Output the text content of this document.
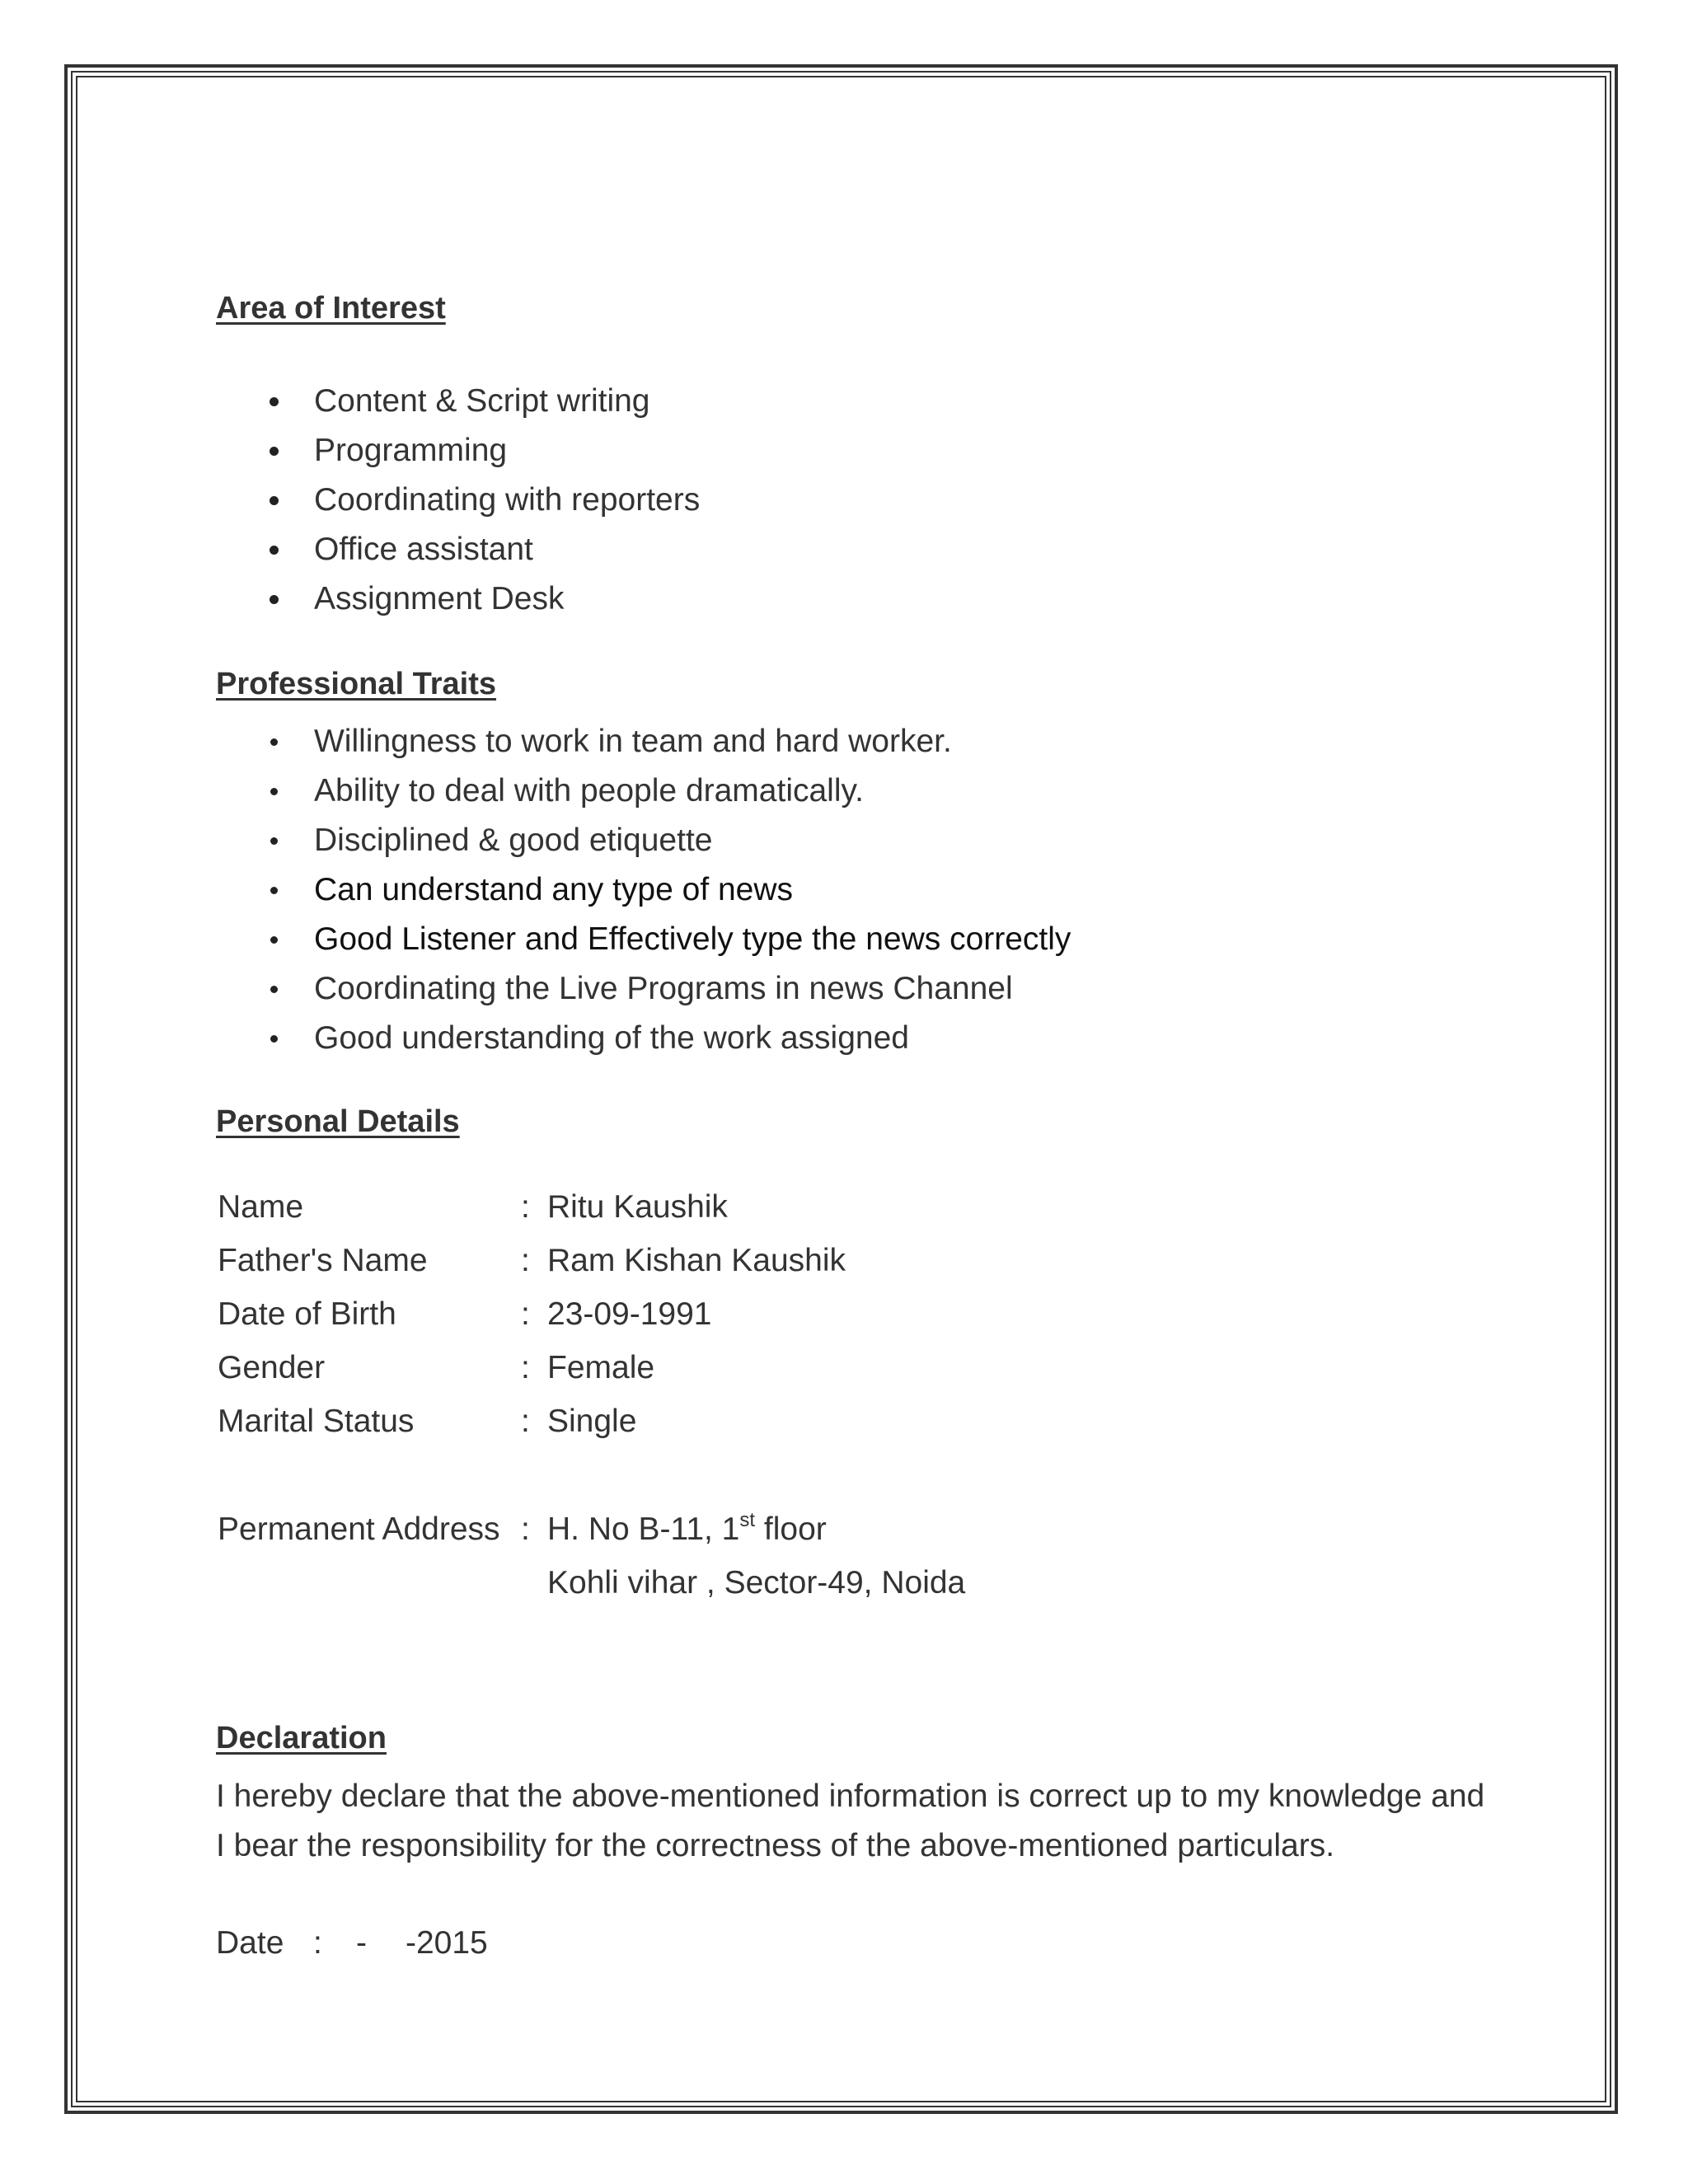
Area of Interest
Content & Script writing
Programming
Coordinating with reporters
Office assistant
Assignment Desk
Professional Traits
Willingness to work in team and hard worker.
Ability to deal with people dramatically.
Disciplined & good etiquette
Can understand any type of news
Good Listener and Effectively type the news correctly
Coordinating the Live Programs in news Channel
Good understanding of the work assigned
Personal Details
Name	: Ritu Kaushik
Father's Name	: Ram Kishan Kaushik
Date of Birth	: 23-09-1991
Gender	: Female
Marital Status	: Single
Permanent Address : H. No B-11, 1st floor
Kohli vihar , Sector-49, Noida
Declaration

I hereby declare that the above-mentioned information is correct up to my knowledge and I bear the responsibility for the correctness of the above-mentioned particulars.

Date : - -2015
